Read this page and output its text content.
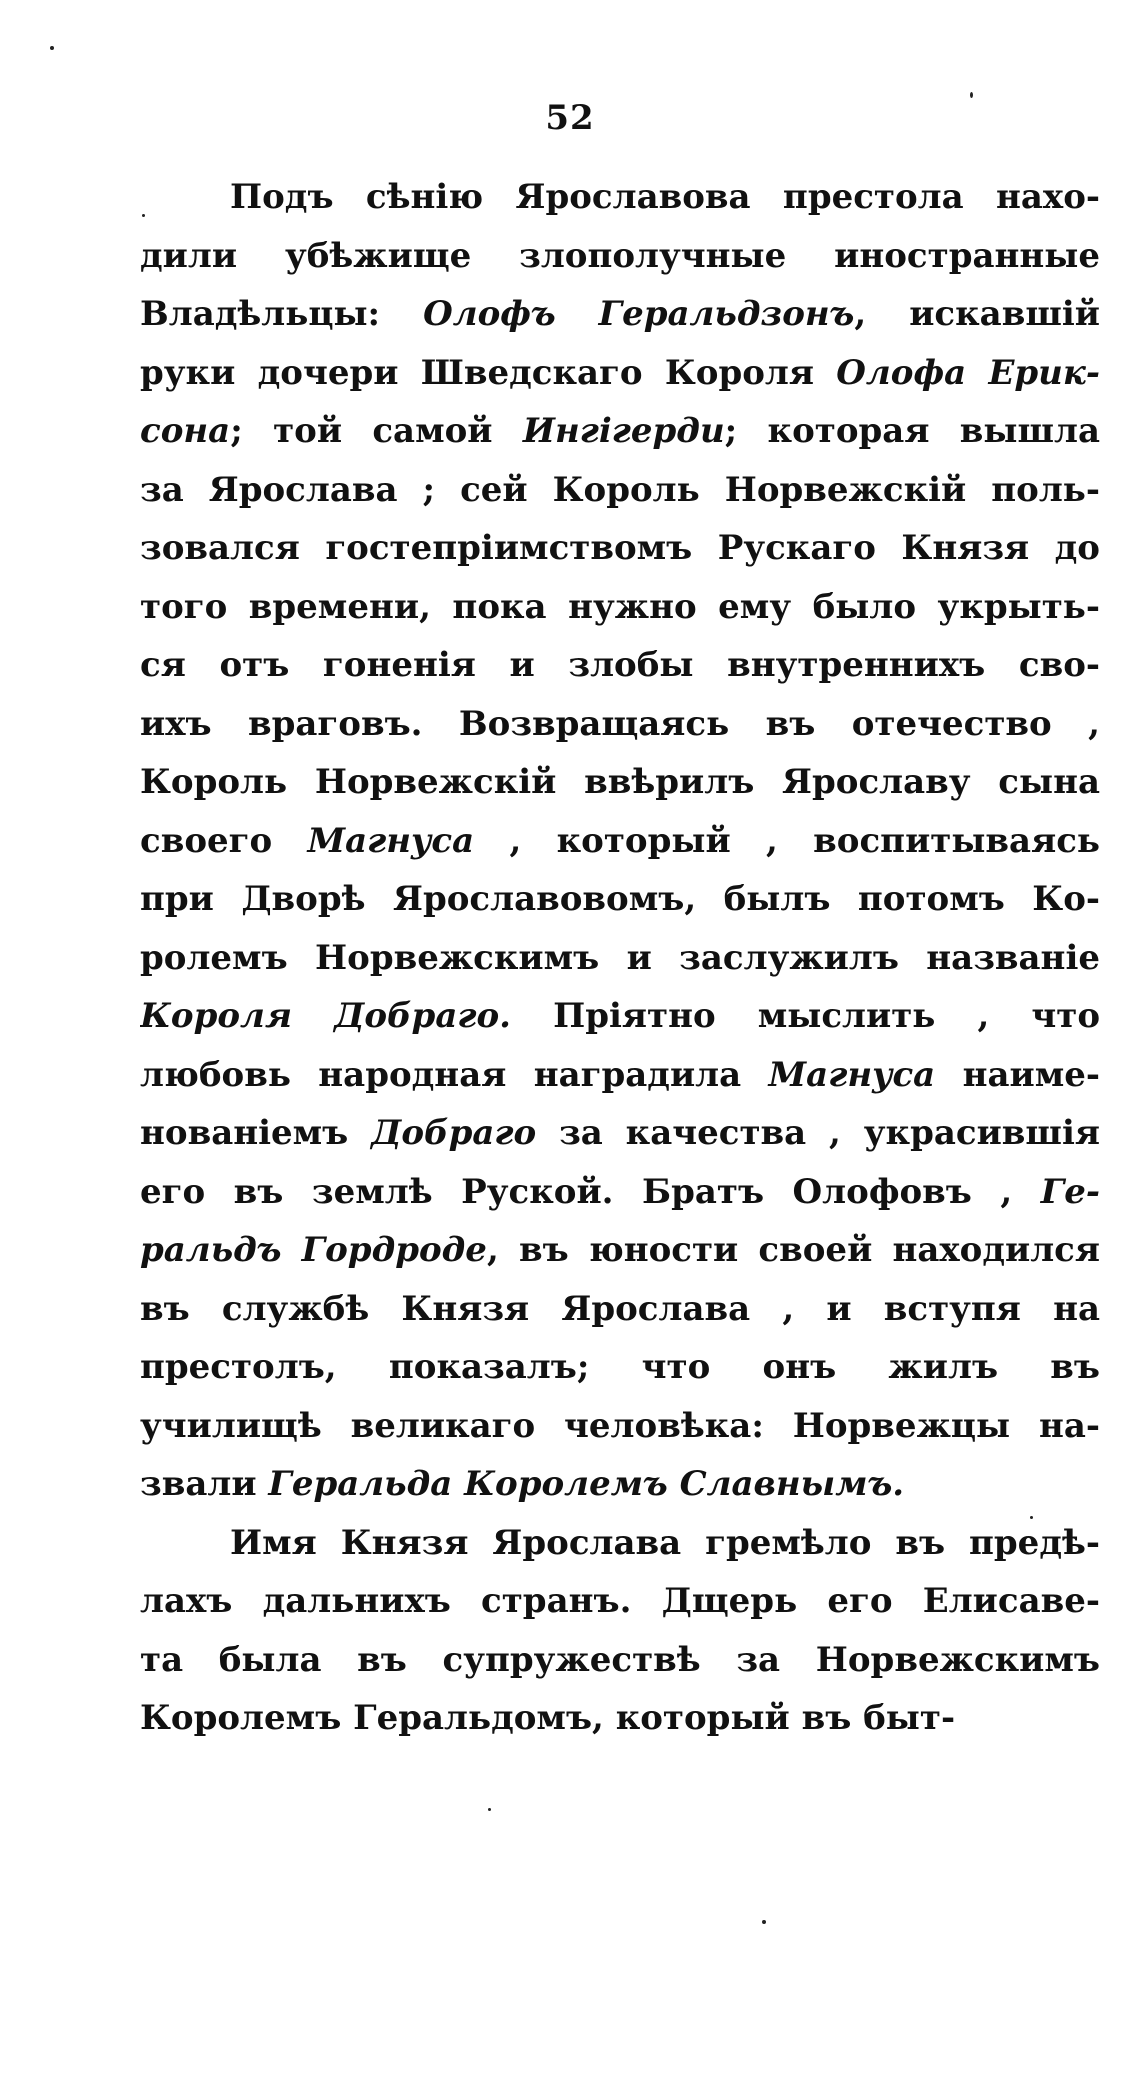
52
Подъ сѣнію Ярославова престола нахо-
дили убѣжище злополучные иностранные
Владѣльцы: Олофъ Геральдзонъ, искавшій
руки дочери Шведскаго Короля Олофа Ерик-
сона; той самой Ингігерди; которая вышла
за Ярослава ; сей Король Норвежскій поль-
зовался гостепріимствомъ Рускаго Князя до
того времени, пока нужно ему было укрыть-
ся отъ гоненія и злобы внутреннихъ сво-
ихъ враговъ. Возвращаясь въ отечество ,
Король Норвежскій ввѣрилъ Ярославу сына
своего Магнуса , который , воспитываясь
при Дворѣ Ярославовомъ, былъ потомъ Ко-
ролемъ Норвежскимъ и заслужилъ названіе
Короля Добраго. Пріятно мыслить , что
любовь народная наградила Магнуса наиме-
нованіемъ Добраго за качества , украсившія
его въ землѣ Руской. Братъ Олофовъ , Ге-
ральдъ Гордроде, въ юности своей находился
въ службѣ Князя Ярослава , и вступя на
престолъ, показалъ; что онъ жилъ въ
училищѣ великаго человѣка: Норвежцы на-
звали Геральда Королемъ Славнымъ.
Имя Князя Ярослава гремѣло въ предѣ-
лахъ дальнихъ странъ. Дщерь его Елисаве-
та была въ супружествѣ за Норвежскимъ
Королемъ Геральдомъ, который въ быт-
